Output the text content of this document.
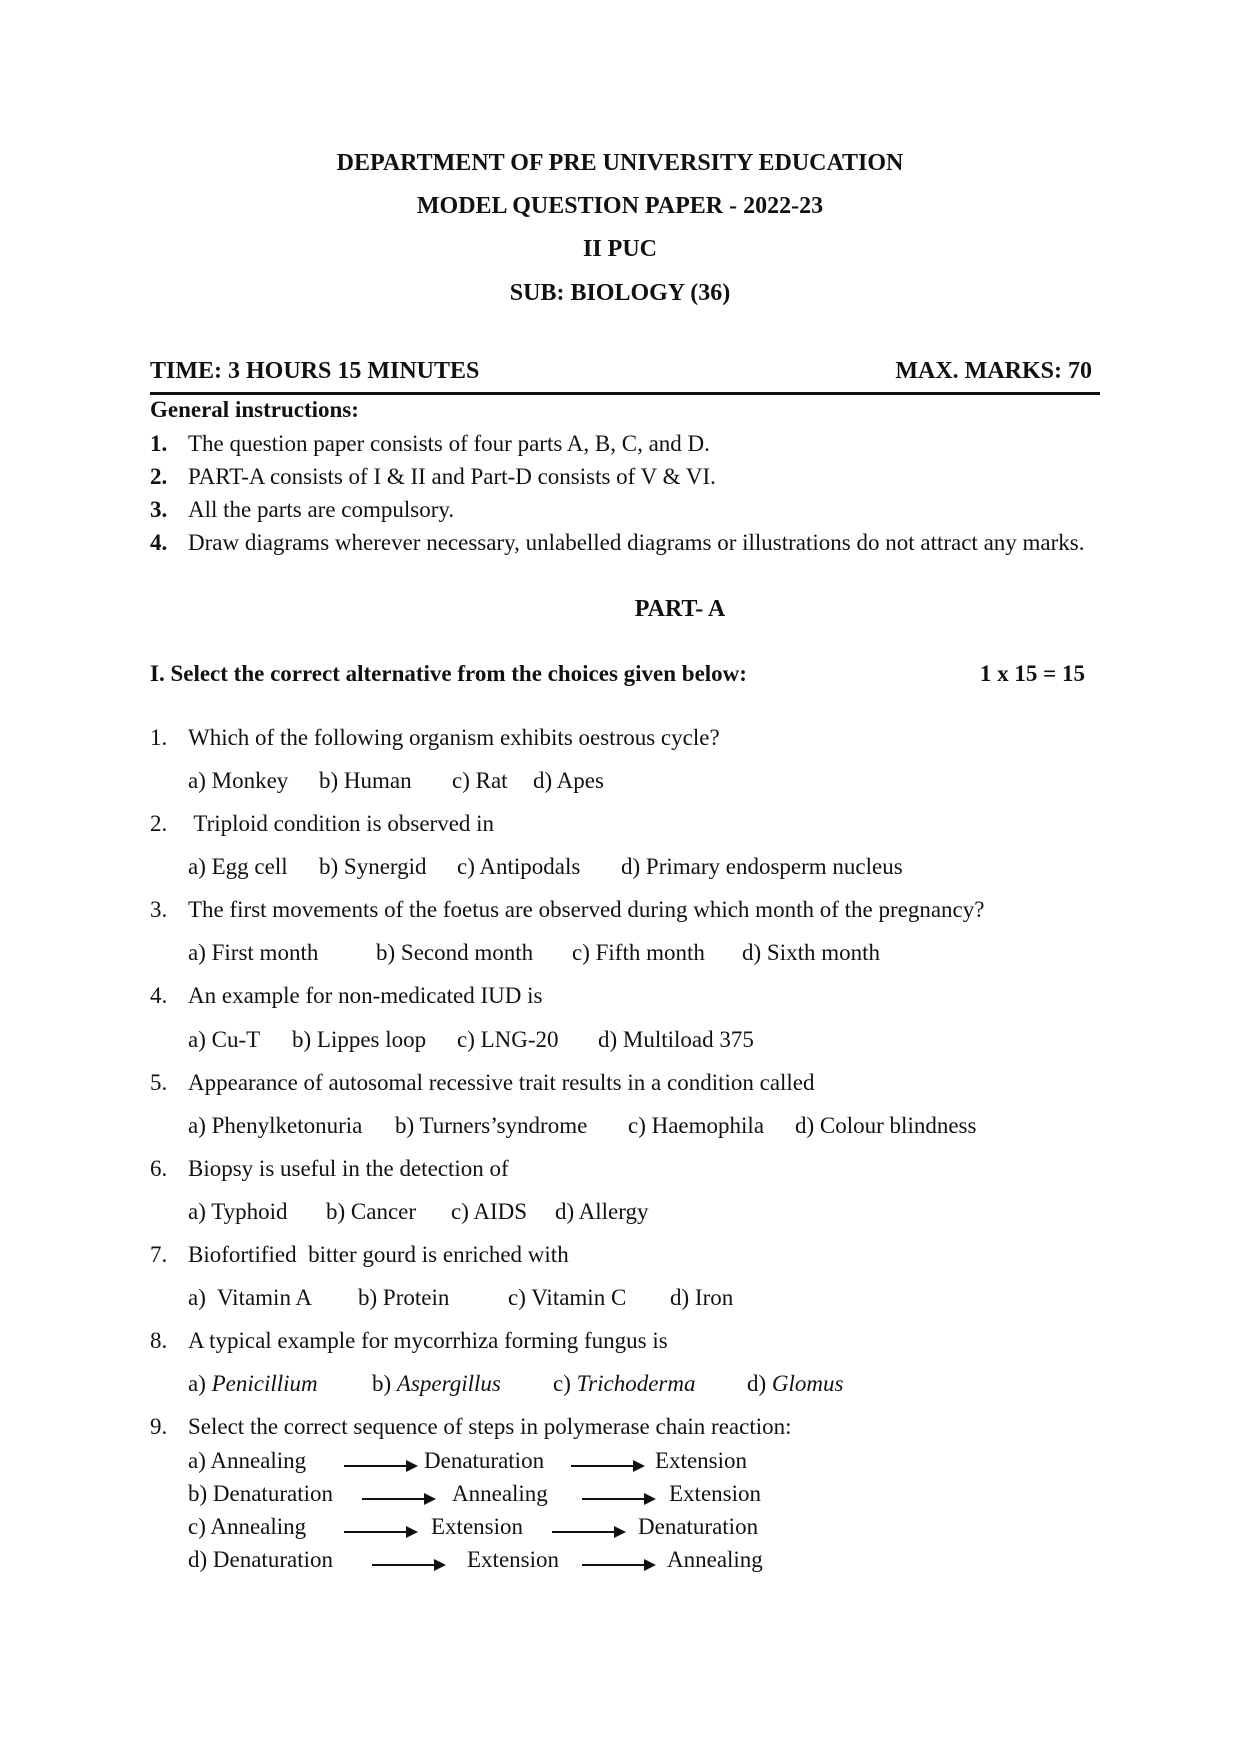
DEPARTMENT OF PRE UNIVERSITY EDUCATION
MODEL QUESTION PAPER - 2022-23
II PUC
SUB: BIOLOGY (36)
TIME: 3 HOURS 15 MINUTES	MAX. MARKS: 70
General instructions:
1. The question paper consists of four parts A, B, C, and D.
2. PART-A consists of I & II and Part-D consists of V & VI.
3. All the parts are compulsory.
4. Draw diagrams wherever necessary, unlabelled diagrams or illustrations do not attract any marks.
PART- A
I. Select the correct alternative from the choices given below:	1 x 15 = 15
1. Which of the following organism exhibits oestrous cycle?
a) Monkey b) Human c) Rat d) Apes
2. Triploid condition is observed in
a) Egg cell b) Synergid c) Antipodals d) Primary endosperm nucleus
3. The first movements of the foetus are observed during which month of the pregnancy?
a) First month	b) Second month c) Fifth month d) Sixth month
4. An example for non-medicated IUD is
a) Cu-T b) Lippes loop c) LNG-20 d) Multiload 375
5. Appearance of autosomal recessive trait results in a condition called
a) Phenylketonuria b) Turners’syndrome c) Haemophila d) Colour blindness
6. Biopsy is useful in the detection of
a) Typhoid b) Cancer c) AIDS d) Allergy
7. Biofortified  bitter gourd is enriched with
a)  Vitamin A b) Protein	c) Vitamin C d) Iron
8. A typical example for mycorrhiza forming fungus is
a) Penicillium b) Aspergillus c) Trichoderma d) Glomus
9. Select the correct sequence of steps in polymerase chain reaction:
a) Annealing	Denaturation	Extension
b) Denaturation	Annealing	Extension
c) Annealing	Extension	Denaturation
d) Denaturation	Extension	Annealing
